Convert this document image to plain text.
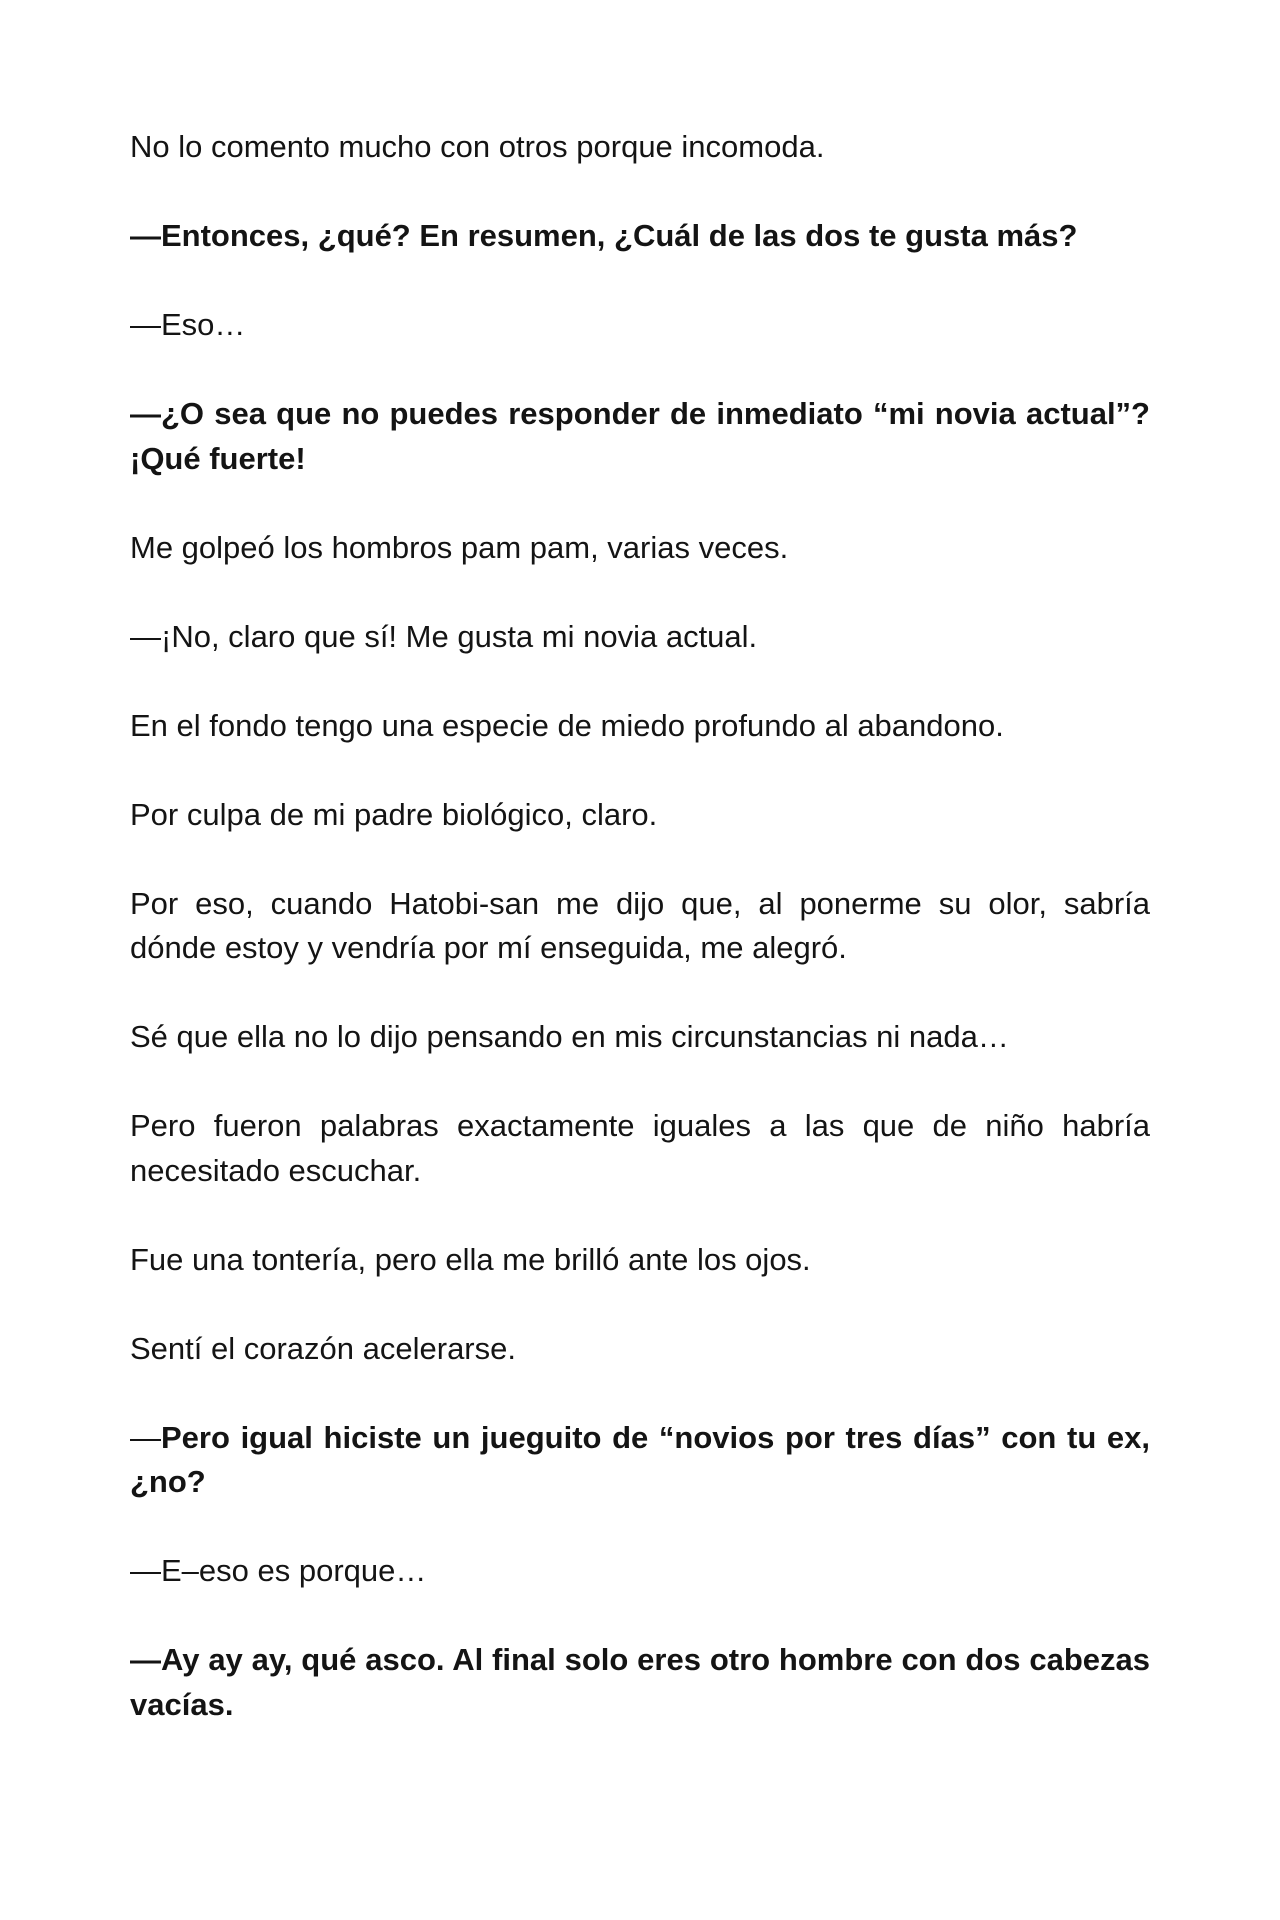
No lo comento mucho con otros porque incomoda.

—Entonces, ¿qué? En resumen, ¿Cuál de las dos te gusta más?

—Eso…

—¿O sea que no puedes responder de inmediato “mi novia actual”? ¡Qué fuerte!

Me golpeó los hombros pam pam, varias veces.

—¡No, claro que sí! Me gusta mi novia actual.

En el fondo tengo una especie de miedo profundo al abandono.

Por culpa de mi padre biológico, claro.

Por eso, cuando Hatobi-san me dijo que, al ponerme su olor, sabría dónde estoy y vendría por mí enseguida, me alegró.

Sé que ella no lo dijo pensando en mis circunstancias ni nada…

Pero fueron palabras exactamente iguales a las que de niño habría necesitado escuchar.

Fue una tontería, pero ella me brilló ante los ojos.

Sentí el corazón acelerarse.

—Pero igual hiciste un jueguito de “novios por tres días” con tu ex, ¿no?

—E–eso es porque…

—Ay ay ay, qué asco. Al final solo eres otro hombre con dos cabezas vacías.
